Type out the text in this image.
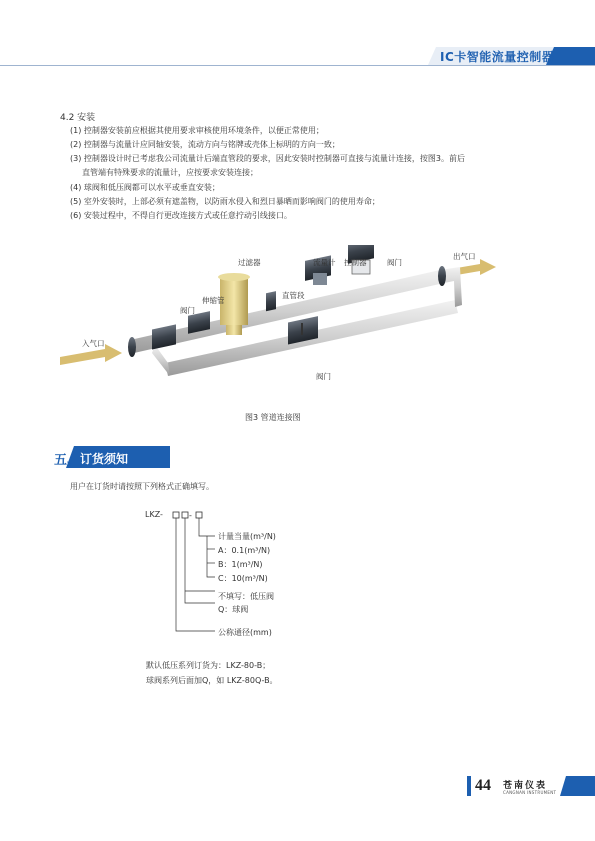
IC卡智能流量控制器
4.2 安装
(1) 控制器安装前应根据其使用要求审核使用环境条件，以便正常使用；
(2) 控制器与流量计应同轴安装，流动方向与铭牌或壳体上标明的方向一致；
(3) 控制器设计时已考虑我公司流量计后端直管段的要求，因此安装时控制器可直接与流量计连接，按图3。前后
直管端有特殊要求的流量计，应按要求安装连接；
(4) 球阀和低压阀都可以水平或垂直安装；
(5) 室外安装时，上部必须有遮盖物，以防雨水侵入和烈日暴晒而影响阀门的使用寿命；
(6) 安装过程中，不得自行更改连接方式或任意拧动引线接口。
过滤器	流量计 控制器	阀门
出气口
伸缩管
阀门
直管段
入气口
阀门
图3 管道连接图
五、 订货须知
用户在订货时请按照下列格式正确填写。
-
LKZ-
计量当量(m³/N)
A：0.1(m³/N)
B：1(m³/N)
C：10(m³/N)
不填写：低压阀
Q：球阀
公称通径(mm)
默认低压系列订货为：LKZ-80-B；
球阀系列后面加Q，如 LKZ-80Q-B。
44 苍南仪表
CANGNAN INSTRUMENT
